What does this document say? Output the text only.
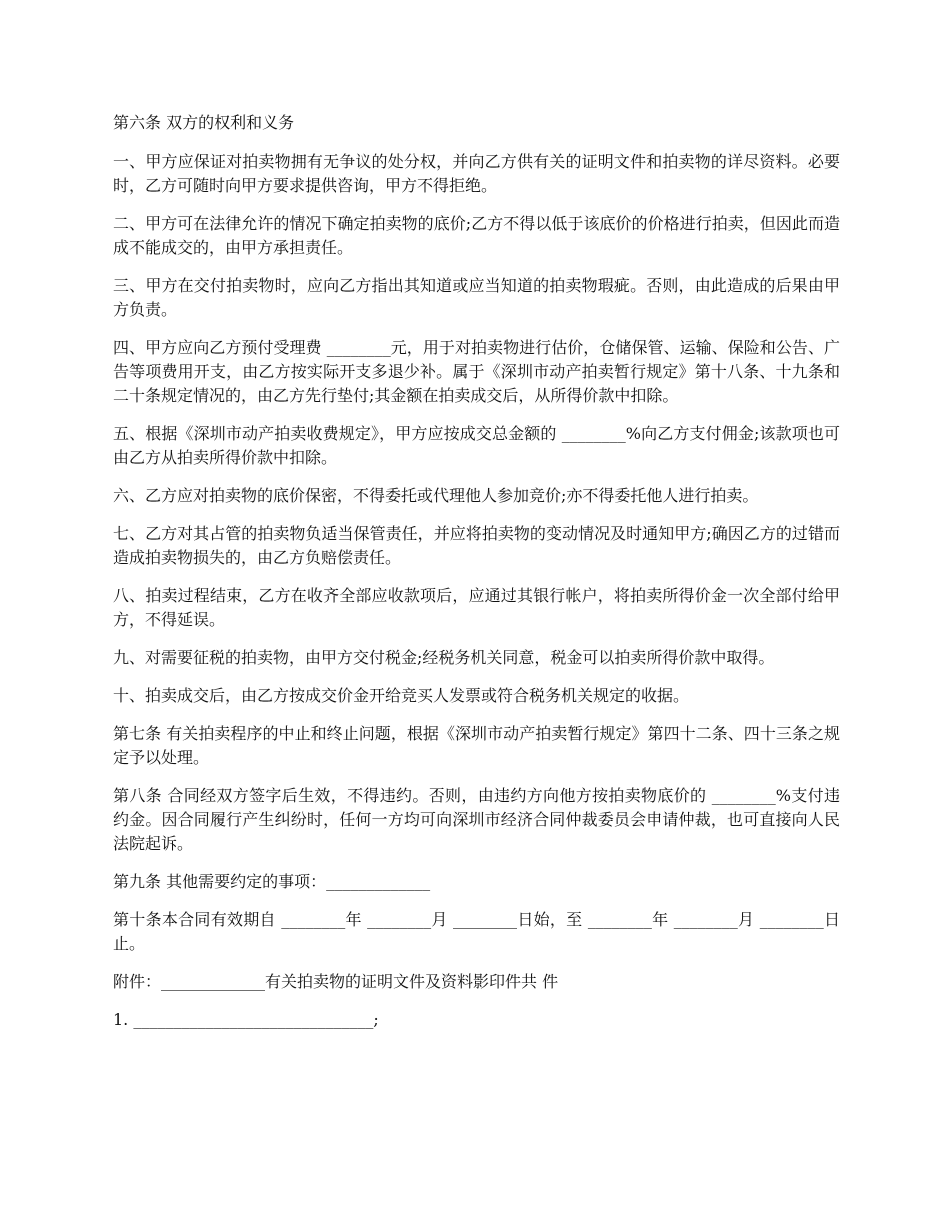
第六条 双方的权利和义务

一、甲方应保证对拍卖物拥有无争议的处分权，并向乙方供有关的证明文件和拍卖物的详尽资料。必要时，乙方可随时向甲方要求提供咨询，甲方不得拒绝。

二、甲方可在法律允许的情况下确定拍卖物的底价;乙方不得以低于该底价的价格进行拍卖，但因此而造成不能成交的，由甲方承担责任。

三、甲方在交付拍卖物时，应向乙方指出其知道或应当知道的拍卖物瑕疵。否则，由此造成的后果由甲方负责。

四、甲方应向乙方预付受理费 ________元，用于对拍卖物进行估价，仓储保管、运输、保险和公告、广告等项费用开支，由乙方按实际开支多退少补。属于《深圳市动产拍卖暂行规定》第十八条、十九条和二十条规定情况的，由乙方先行垫付;其金额在拍卖成交后，从所得价款中扣除。

五、根据《深圳市动产拍卖收费规定》，甲方应按成交总金额的 ________%向乙方支付佣金;该款项也可由乙方从拍卖所得价款中扣除。

六、乙方应对拍卖物的底价保密，不得委托或代理他人参加竞价;亦不得委托他人进行拍卖。

七、乙方对其占管的拍卖物负适当保管责任，并应将拍卖物的变动情况及时通知甲方;确因乙方的过错而造成拍卖物损失的，由乙方负赔偿责任。

八、拍卖过程结束，乙方在收齐全部应收款项后，应通过其银行帐户，将拍卖所得价金一次全部付给甲方，不得延误。

九、对需要征税的拍卖物，由甲方交付税金;经税务机关同意，税金可以拍卖所得价款中取得。

十、拍卖成交后，由乙方按成交价金开给竞买人发票或符合税务机关规定的收据。

第七条 有关拍卖程序的中止和终止问题，根据《深圳市动产拍卖暂行规定》第四十二条、四十三条之规定予以处理。

第八条 合同经双方签字后生效，不得违约。否则，由违约方向他方按拍卖物底价的 ________%支付违约金。因合同履行产生纠纷时，任何一方均可向深圳市经济合同仲裁委员会申请仲裁，也可直接向人民法院起诉。

第九条 其他需要约定的事项：_____________

第十条本合同有效期自 ________年 ________月 ________日始，至 ________年 ________月 ________日止。

附件：_____________有关拍卖物的证明文件及资料影印件共 件

1. ______________________________;
